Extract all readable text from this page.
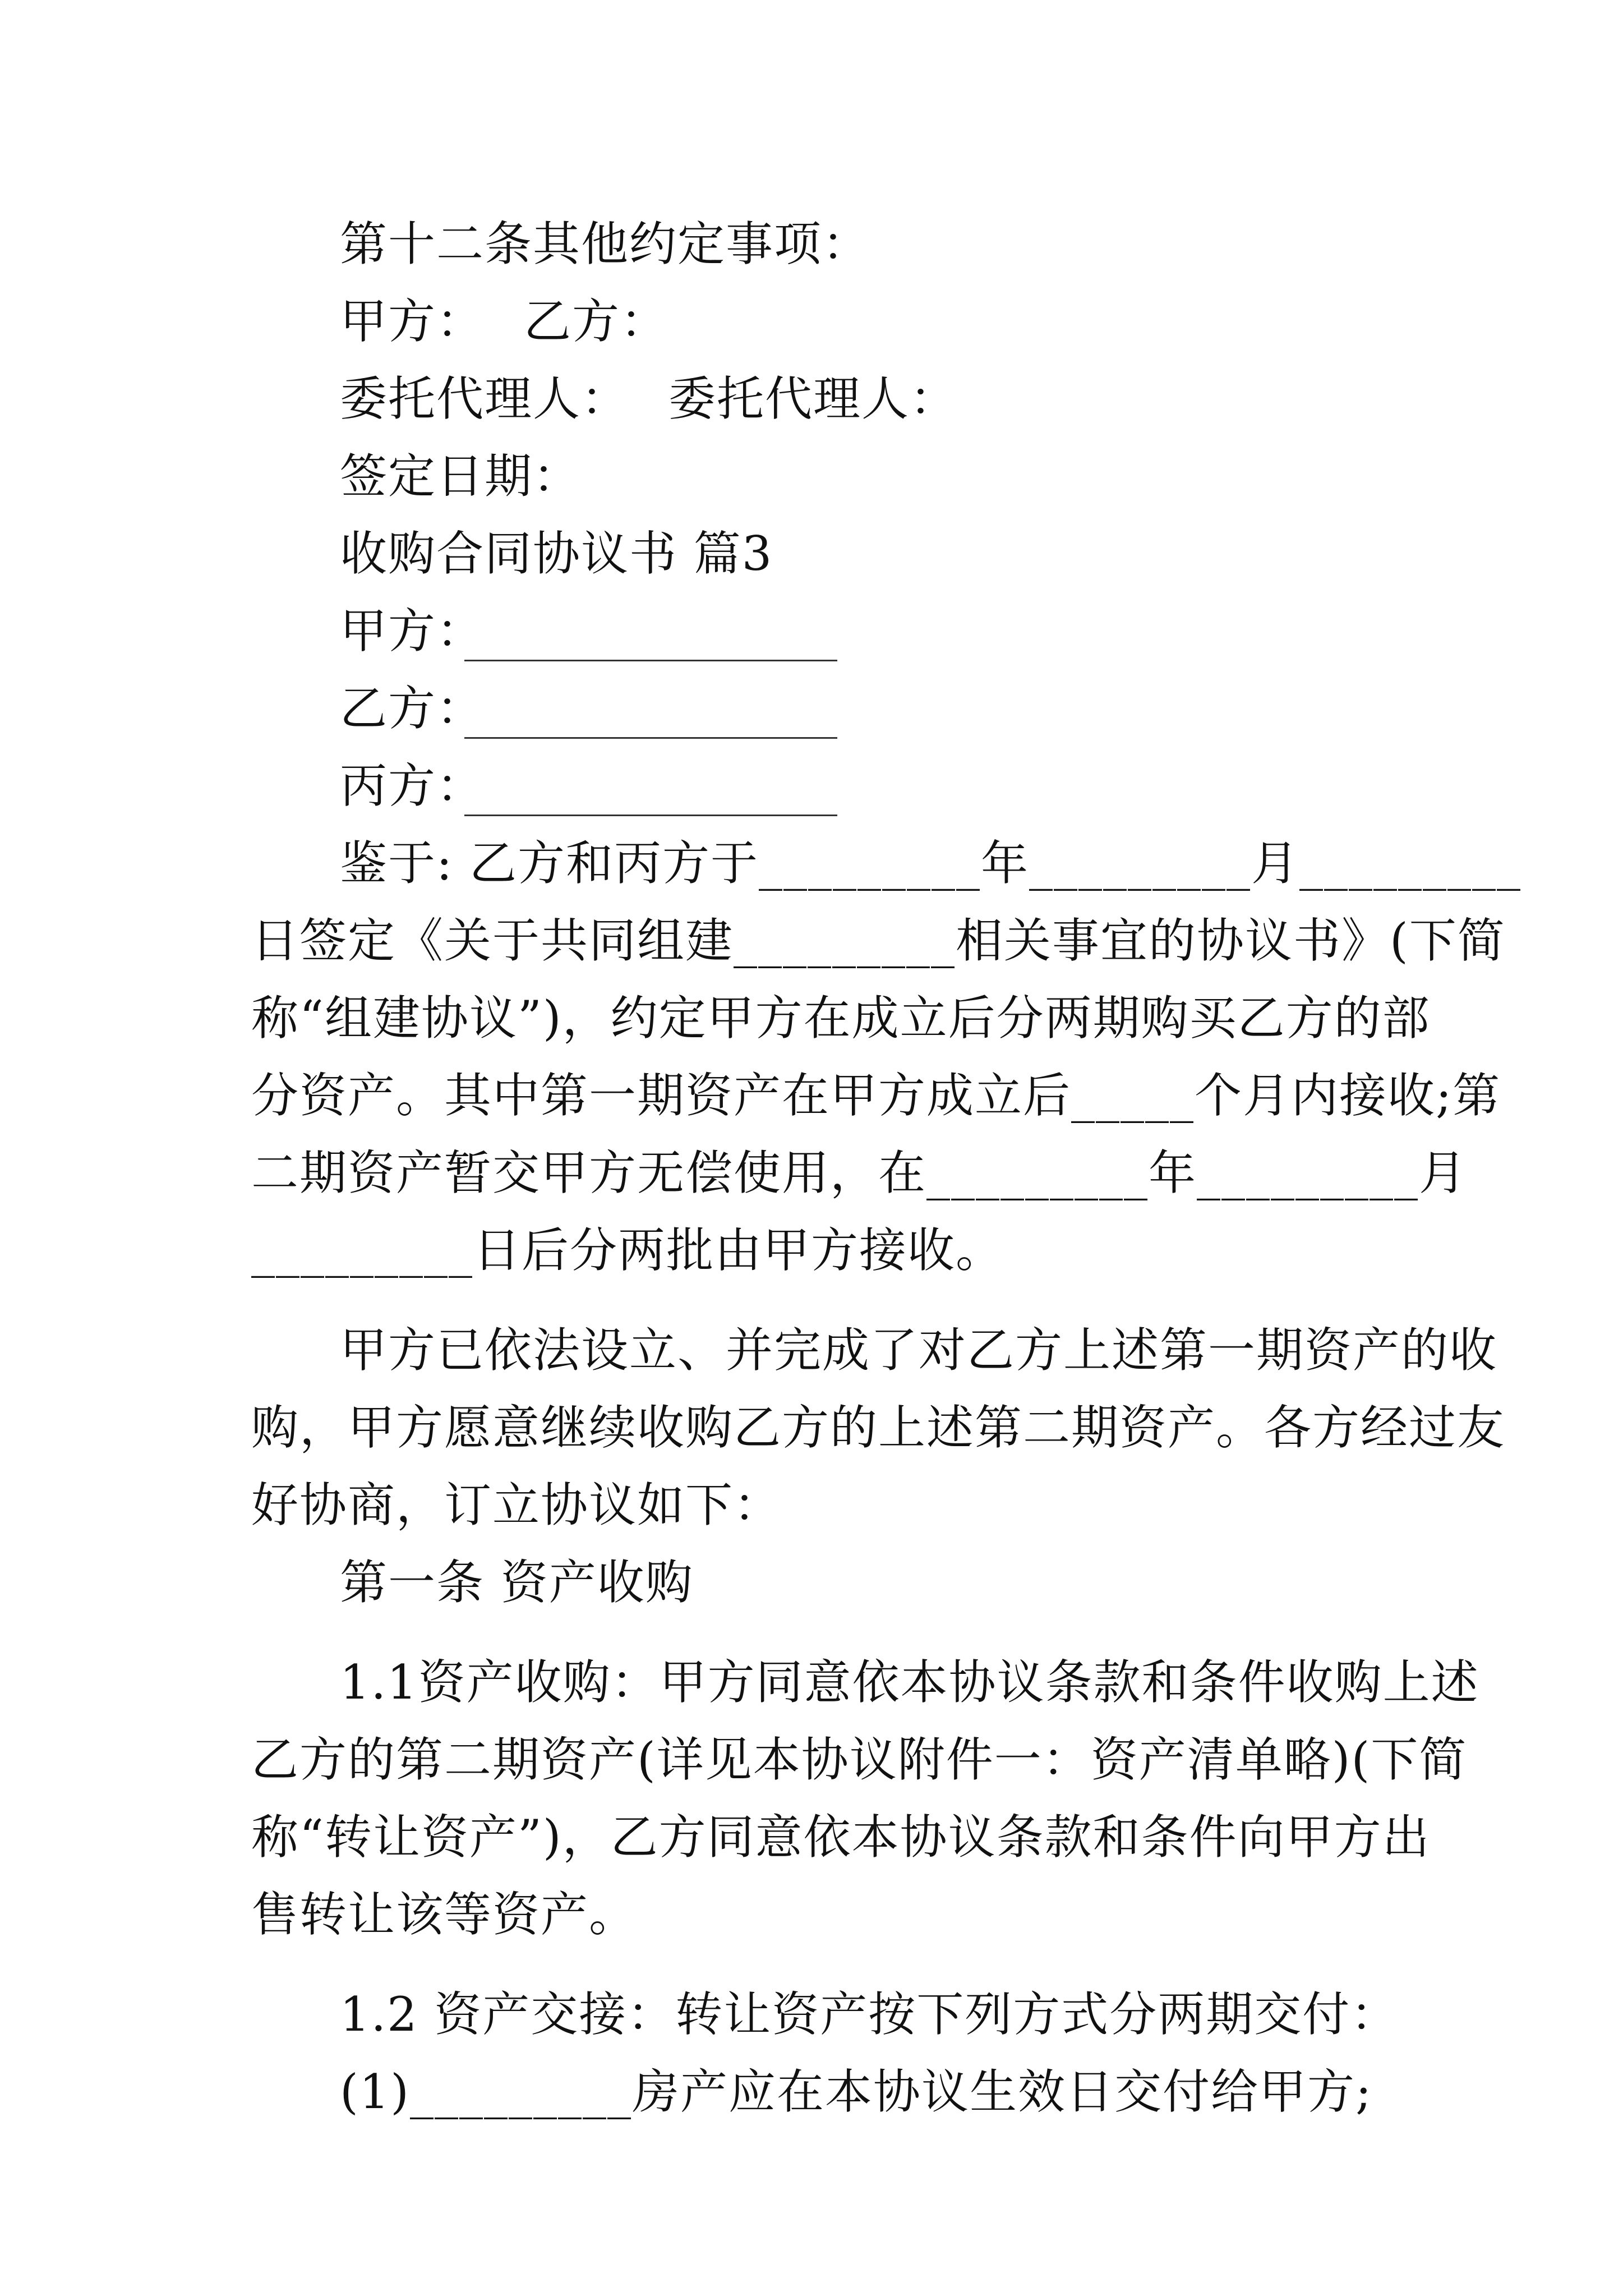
第十二条其他约定事项：

甲方： 乙方：

委托代理人： 委托代理人：

签定日期：

收购合同协议书 篇3

甲方：
乙方：
丙方：

鉴于: 乙方和丙方于_________年_________月_________

日签定《关于共同组建_________相关事宜的协议书》(下简

称“组建协议”)，约定甲方在成立后分两期购买乙方的部

分资产。其中第一期资产在甲方成立后_____个月内接收;第

二期资产暂交甲方无偿使用，在_________年_________月

_________日后分两批由甲方接收。

甲方已依法设立、并完成了对乙方上述第一期资产的收

购，甲方愿意继续收购乙方的上述第二期资产。各方经过友

好协商，订立协议如下：

第一条 资产收购

1.1资产收购：甲方同意依本协议条款和条件收购上述

乙方的第二期资产(详见本协议附件一：资产清单略)(下简

称“转让资产”)，乙方同意依本协议条款和条件向甲方出

售转让该等资产。

1.2 资产交接：转让资产按下列方式分两期交付：

(1)_________房产应在本协议生效日交付给甲方;
